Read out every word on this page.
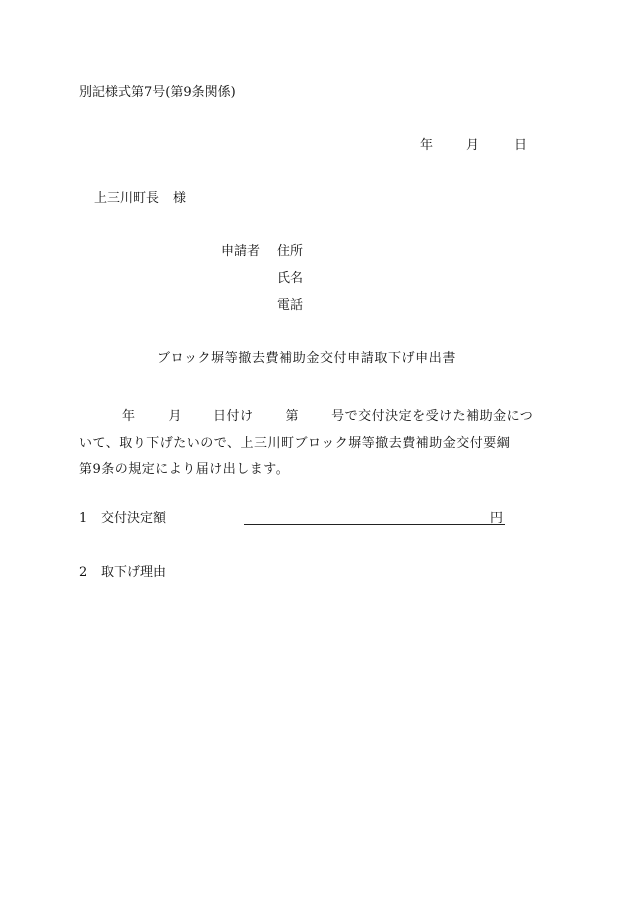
別記様式第7号(第9条関係)
年	月	日
上三川町長 様
申請者 住所
氏名
電話
ブロック塀等撤去費補助金交付申請取下げ申出書
年	月 日付け 第 号で交付決定を受けた補助金につ
いて、取り下げたいので、上三川町ブロック塀等撤去費補助金交付要綱
第9条の規定により届け出します。
1 交付決定額	円
2 取下げ理由
